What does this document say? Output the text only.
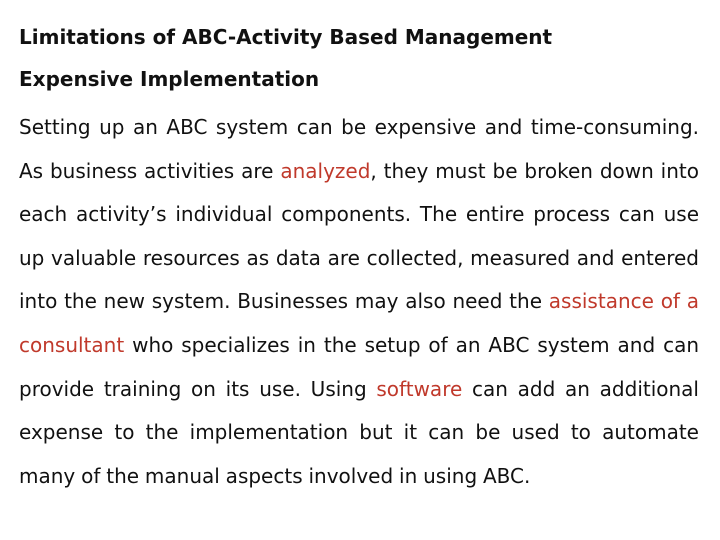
Limitations of ABC-Activity Based Management
Expensive Implementation

Setting up an ABC system can be expensive and time-consuming. As business activities are analyzed, they must be broken down into each activity’s individual components. The entire process can use up valuable resources as data are collected, measured and entered into the new system. Businesses may also need the assistance of a consultant who specializes in the setup of an ABC system and can provide training on its use. Using software can add an additional expense to the implementation but it can be used to automate many of the manual aspects involved in using ABC.
